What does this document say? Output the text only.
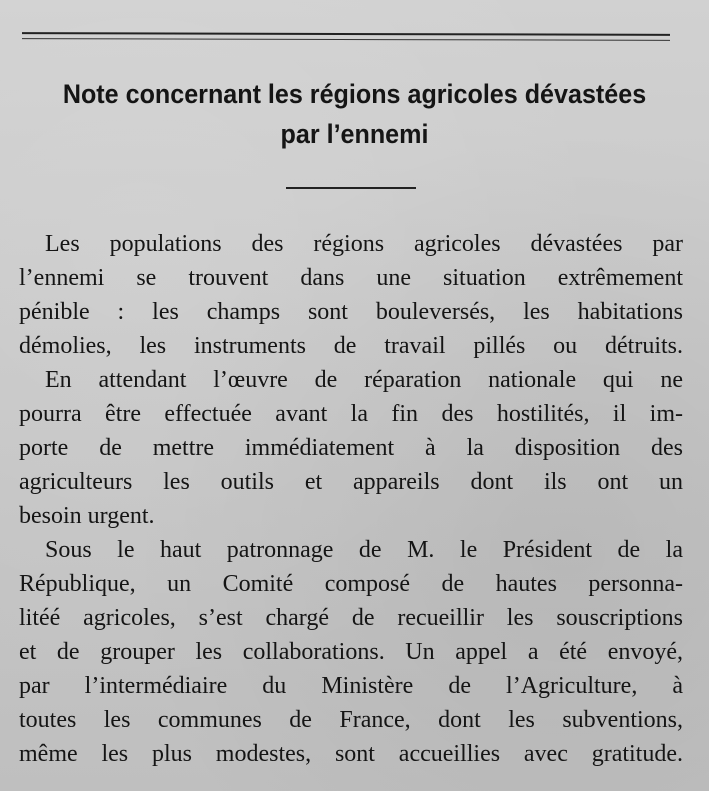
Note concernant les régions agricoles dévastées
par l’ennemi
Les populations des régions agricoles dévastées par
l’ennemi se trouvent dans une situation extrêmement
pénible : les champs sont bouleversés, les habitations
démolies, les instruments de travail pillés ou détruits.
En attendant l’œuvre de réparation nationale qui ne
pourra être effectuée avant la fin des hostilités, il im-
porte de mettre immédiatement à la disposition des
agriculteurs les outils et appareils dont ils ont un
besoin urgent.
Sous le haut patronnage de M. le Président de la
République, un Comité composé de hautes personna-
litéé agricoles, s’est chargé de recueillir les souscriptions
et de grouper les collaborations. Un appel a été envoyé,
par l’intermédiaire du Ministère de l’Agriculture, à
toutes les communes de France, dont les subventions,
même les plus modestes, sont accueillies avec gratitude.
